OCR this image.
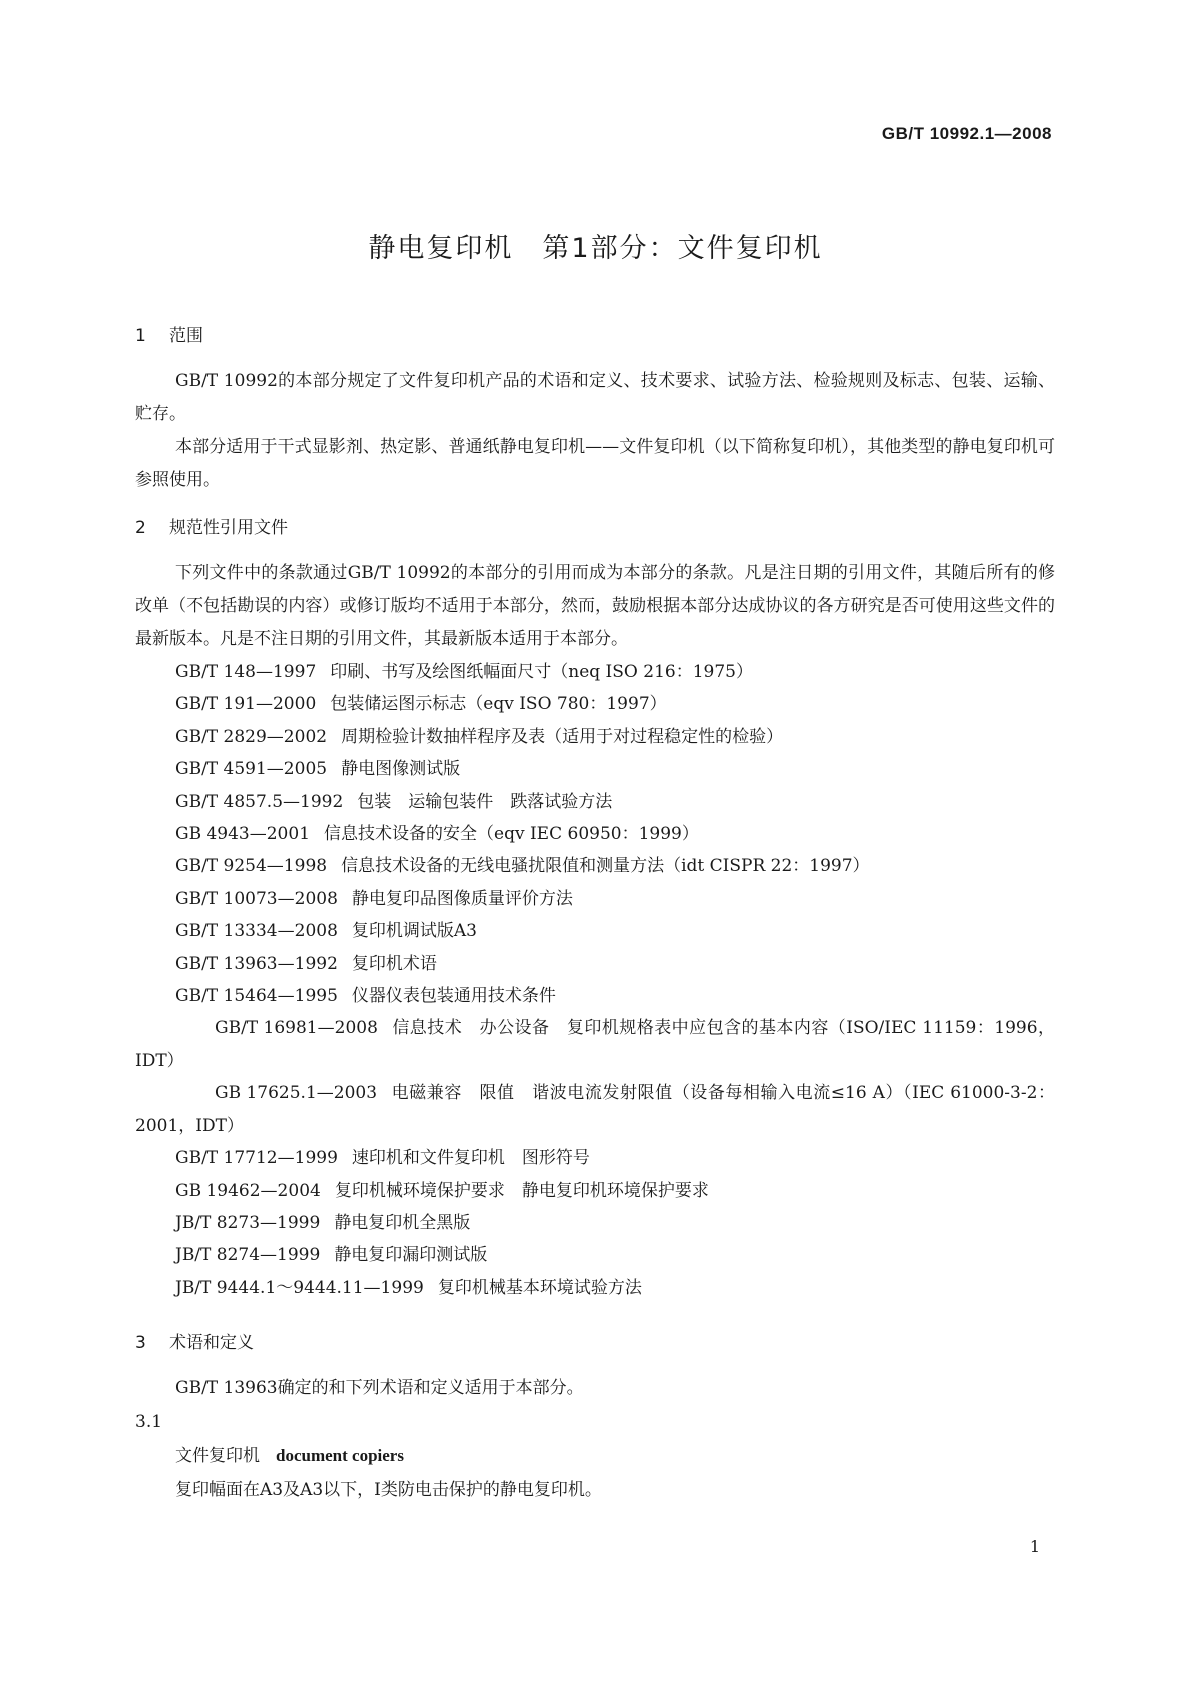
GB/T 10992.1—2008
静电复印机　第1部分：文件复印机
1 范围

GB/T 10992的本部分规定了文件复印机产品的术语和定义、技术要求、试验方法、检验规则及标志、包装、运输、贮存。

本部分适用于干式显影剂、热定影、普通纸静电复印机——文件复印机（以下简称复印机），其他类型的静电复印机可参照使用。

2 规范性引用文件

下列文件中的条款通过GB/T 10992的本部分的引用而成为本部分的条款。凡是注日期的引用文件，其随后所有的修改单（不包括勘误的内容）或修订版均不适用于本部分，然而，鼓励根据本部分达成协议的各方研究是否可使用这些文件的最新版本。凡是不注日期的引用文件，其最新版本适用于本部分。

GB/T 148—1997 印刷、书写及绘图纸幅面尺寸（neq ISO 216：1975）
GB/T 191—2000 包装储运图示标志（eqv ISO 780：1997）
GB/T 2829—2002 周期检验计数抽样程序及表（适用于对过程稳定性的检验）
GB/T 4591—2005 静电图像测试版
GB/T 4857.5—1992 包装　运输包装件　跌落试验方法
GB 4943—2001 信息技术设备的安全（eqv IEC 60950：1999）
GB/T 9254—1998 信息技术设备的无线电骚扰限值和测量方法（idt CISPR 22：1997）
GB/T 10073—2008 静电复印品图像质量评价方法
GB/T 13334—2008 复印机调试版A3
GB/T 13963—1992 复印机术语
GB/T 15464—1995 仪器仪表包装通用技术条件
GB/T 16981—2008 信息技术　办公设备　复印机规格表中应包含的基本内容（ISO/IEC 11159：1996，IDT）
GB 17625.1—2003 电磁兼容　限值　谐波电流发射限值（设备每相输入电流≤16 A）（IEC 61000-3-2：2001，IDT）
GB/T 17712—1999 速印机和文件复印机　图形符号
GB 19462—2004 复印机械环境保护要求　静电复印机环境保护要求
JB/T 8273—1999 静电复印机全黑版
JB/T 8274—1999 静电复印漏印测试版
JB/T 9444.1～9444.11—1999 复印机械基本环境试验方法
3 术语和定义

GB/T 13963确定的和下列术语和定义适用于本部分。

3.1
文件复印机 document copiers
复印幅面在A3及A3以下，Ⅰ类防电击保护的静电复印机。
1
